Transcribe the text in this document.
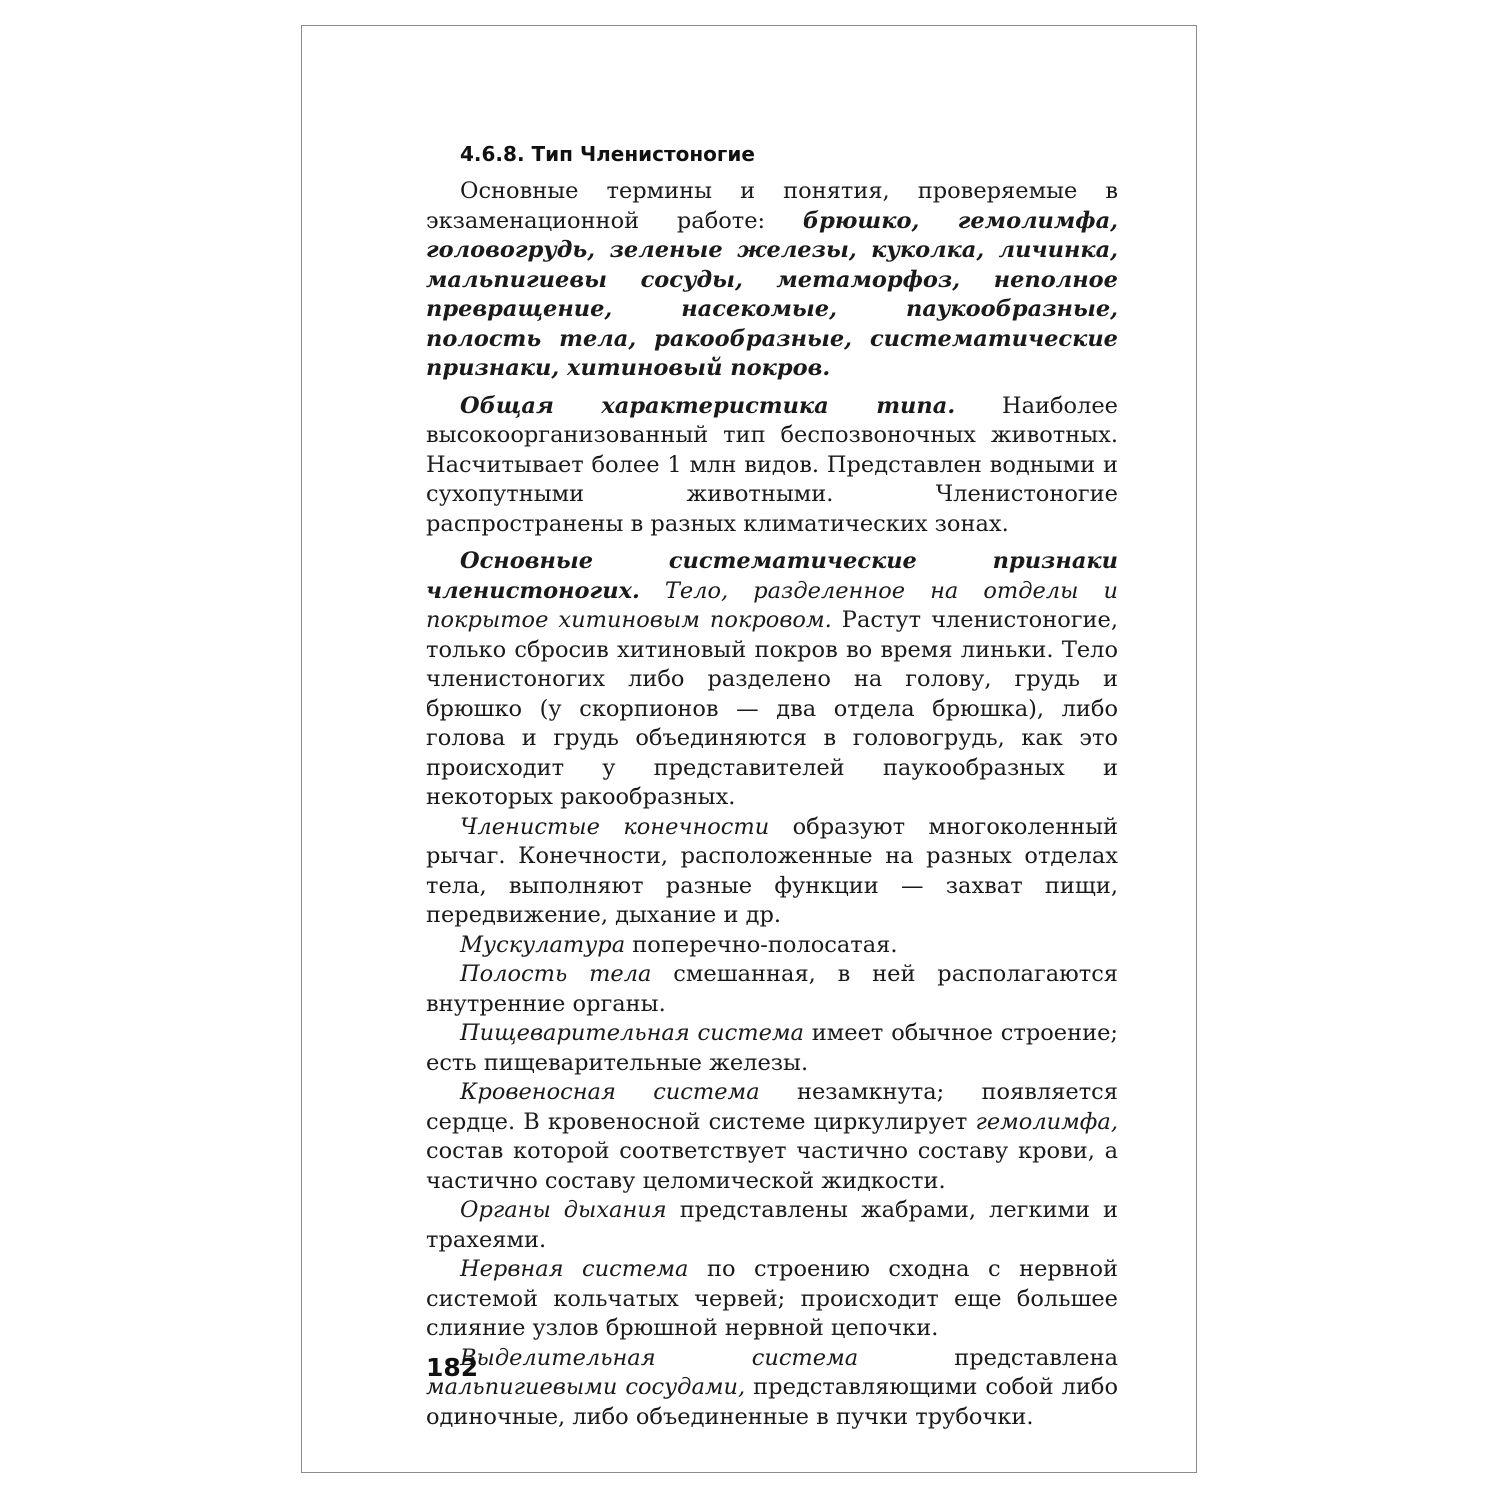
4.6.8. Тип Членистоногие

Основные термины и понятия, проверяемые в экзаменационной работе: брюшко, гемолимфа, головогрудь, зеленые железы, куколка, личинка, мальпигиевы сосуды, метаморфоз, неполное превращение, насекомые, паукообразные, полость тела, ракообразные, систематические признаки, хитиновый покров.

Общая характеристика типа. Наиболее высокоорганизованный тип беспозвоночных животных. Насчитывает более 1 млн видов. Представлен водными и сухопутными животными. Членистоногие распространены в разных климатических зонах.

Основные систематические признаки членистоногих. Тело, разделенное на отделы и покрытое хитиновым покровом. Растут членистоногие, только сбросив хитиновый покров во время линьки. Тело членистоногих либо разделено на голову, грудь и брюшко (у скорпионов — два отдела брюшка), либо голова и грудь объединяются в головогрудь, как это происходит у представителей паукообразных и некоторых ракообразных.

Членистые конечности образуют многоколенный рычаг. Конечности, расположенные на разных отделах тела, выполняют разные функции — захват пищи, передвижение, дыхание и др.

Мускулатура поперечно-полосатая.

Полость тела смешанная, в ней располагаются внутренние органы.

Пищеварительная система имеет обычное строение; есть пищеварительные железы.

Кровеносная система незамкнута; появляется сердце. В кровеносной системе циркулирует гемолимфа, состав которой соответствует частично составу крови, а частично составу целомической жидкости.

Органы дыхания представлены жабрами, легкими и трахеями.

Нервная система по строению сходна с нервной системой кольчатых червей; происходит еще большее слияние узлов брюшной нервной цепочки.

Выделительная система представлена мальпигиевыми сосудами, представляющими собой либо одиночные, либо объединенные в пучки трубочки.

182
